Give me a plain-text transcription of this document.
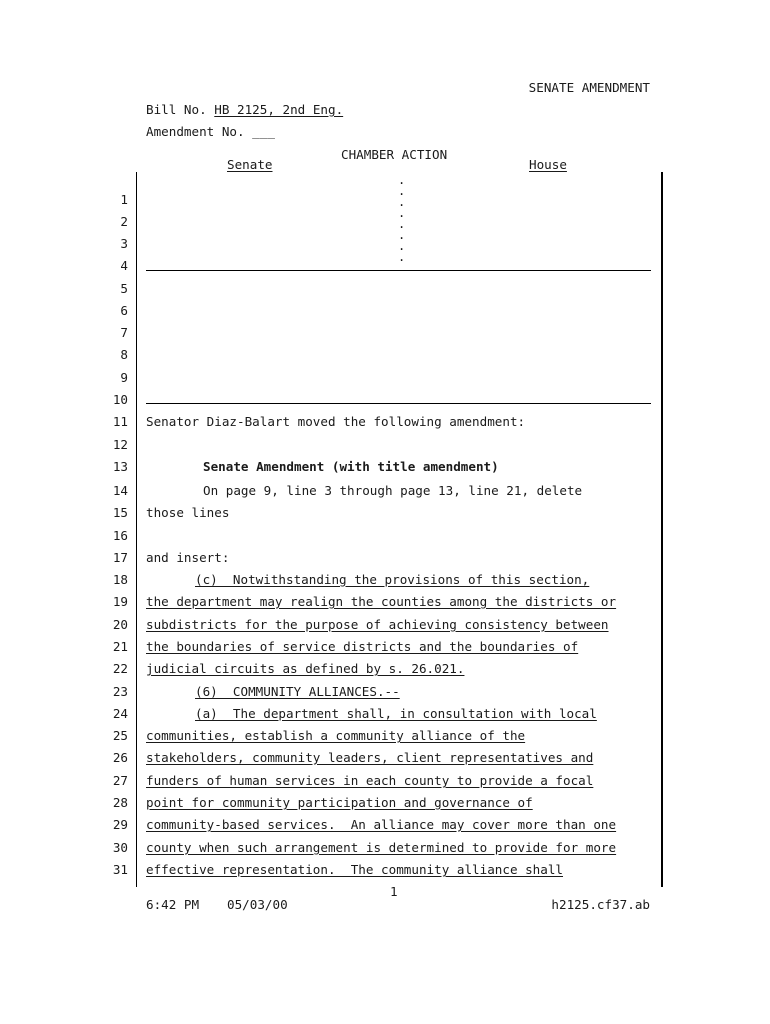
SENATE AMENDMENT
Bill No. HB 2125, 2nd Eng.
Amendment No. ___
CHAMBER ACTION
Senate	House
.
.
.
.
.
.
.
.
1
2
3
4
5
6
7
8
9
10
11
12
13
14
15
16
17
18
19
20
21
22
23
24
25
26
27
28
29
30
31
Senator Diaz-Balart moved the following amendment:
Senate Amendment (with title amendment)
On page 9, line 3 through page 13, line 21, delete
those lines
and insert:
(c)  Notwithstanding the provisions of this section,
the department may realign the counties among the districts or
subdistricts for the purpose of achieving consistency between
the boundaries of service districts and the boundaries of
judicial circuits as defined by s. 26.021.
(6)  COMMUNITY ALLIANCES.--
(a)  The department shall, in consultation with local
communities, establish a community alliance of the
stakeholders, community leaders, client representatives and
funders of human services in each county to provide a focal
point for community participation and governance of
community-based services.  An alliance may cover more than one
county when such arrangement is determined to provide for more
effective representation.  The community alliance shall
1
6:42 PM 05/03/00	h2125.cf37.ab
